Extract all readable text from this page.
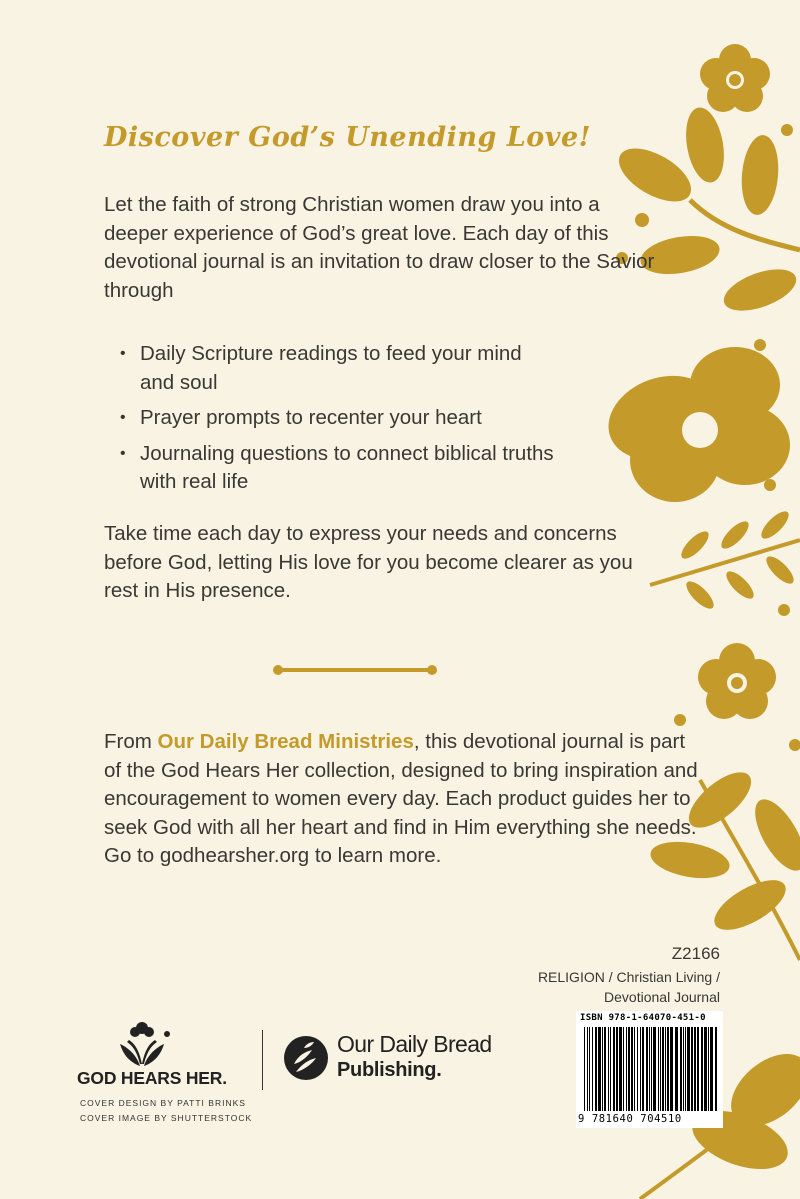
Discover God’s Unending Love!

Let the faith of strong Christian women draw you into a deeper experience of God’s great love. Each day of this devotional journal is an invitation to draw closer to the Savior through

• Daily Scripture readings to feed your mind and soul
• Prayer prompts to recenter your heart
• Journaling questions to connect biblical truths with real life

Take time each day to express your needs and concerns before God, letting His love for you become clearer as you rest in His presence.

From Our Daily Bread Ministries, this devotional journal is part of the God Hears Her collection, designed to bring inspiration and encouragement to women every day. Each product guides her to seek God with all her heart and find in Him everything she needs. Go to godhearsher.org to learn more.

Z2166
RELIGION / Christian Living /
Devotional Journal
ISBN 978-1-64070-451-0
9 781640 704510
GOD HEARS HER.
COVER DESIGN BY PATTI BRINKS
COVER IMAGE BY SHUTTERSTOCK
Our Daily Bread
Publishing.
